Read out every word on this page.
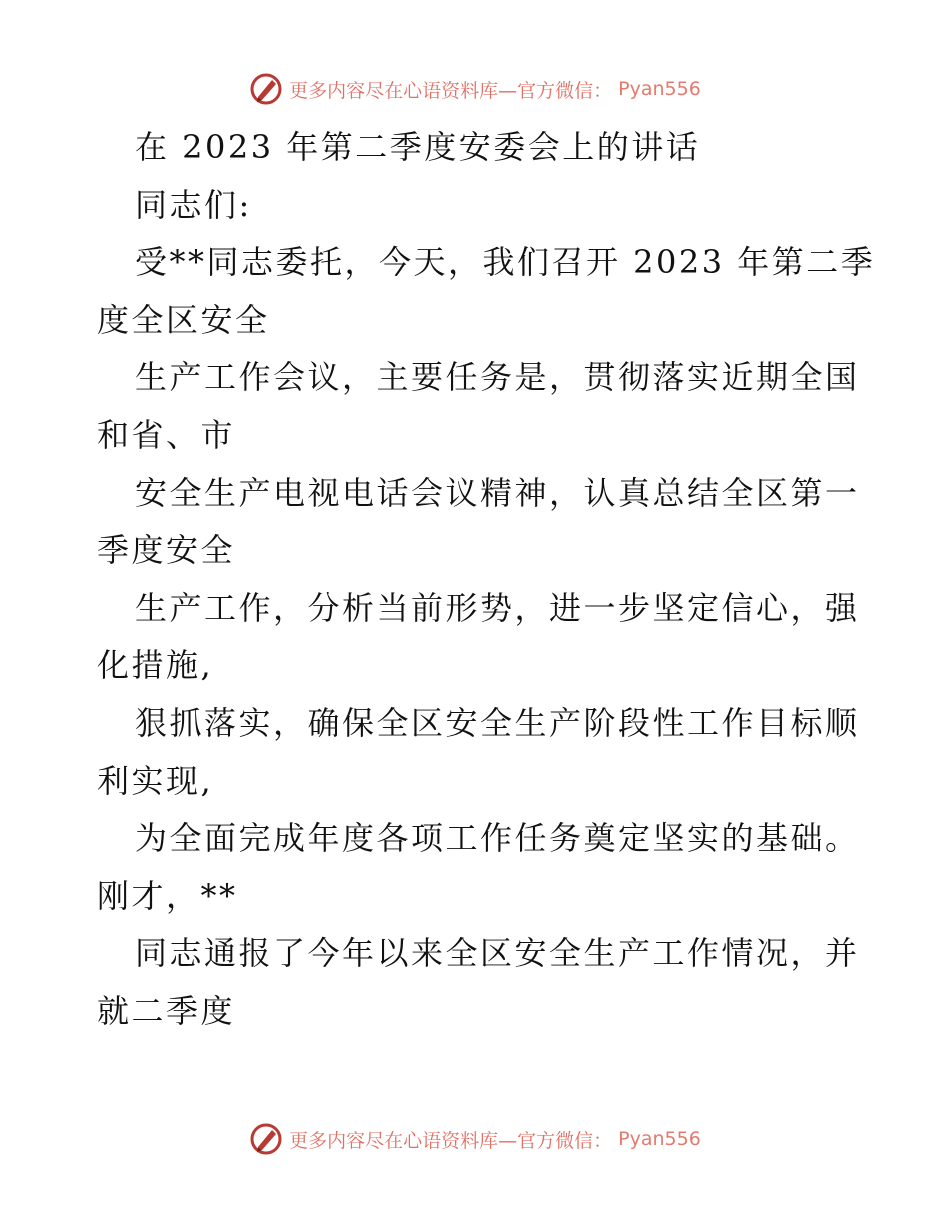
更多内容尽在心语资料库—官方微信： Pyan556
在 2023 年第二季度安委会上的讲话
同志们:
受**同志委托，今天，我们召开 2023 年第二季
度全区安全
生产工作会议，主要任务是，贯彻落实近期全国
和省、市
安全生产电视电话会议精神，认真总结全区第一
季度安全
生产工作，分析当前形势，进一步坚定信心，强
化措施,
狠抓落实，确保全区安全生产阶段性工作目标顺
利实现,
为全面完成年度各项工作任务奠定坚实的基础。
刚才，**
同志通报了今年以来全区安全生产工作情况，并
就二季度
更多内容尽在心语资料库—官方微信： Pyan556
